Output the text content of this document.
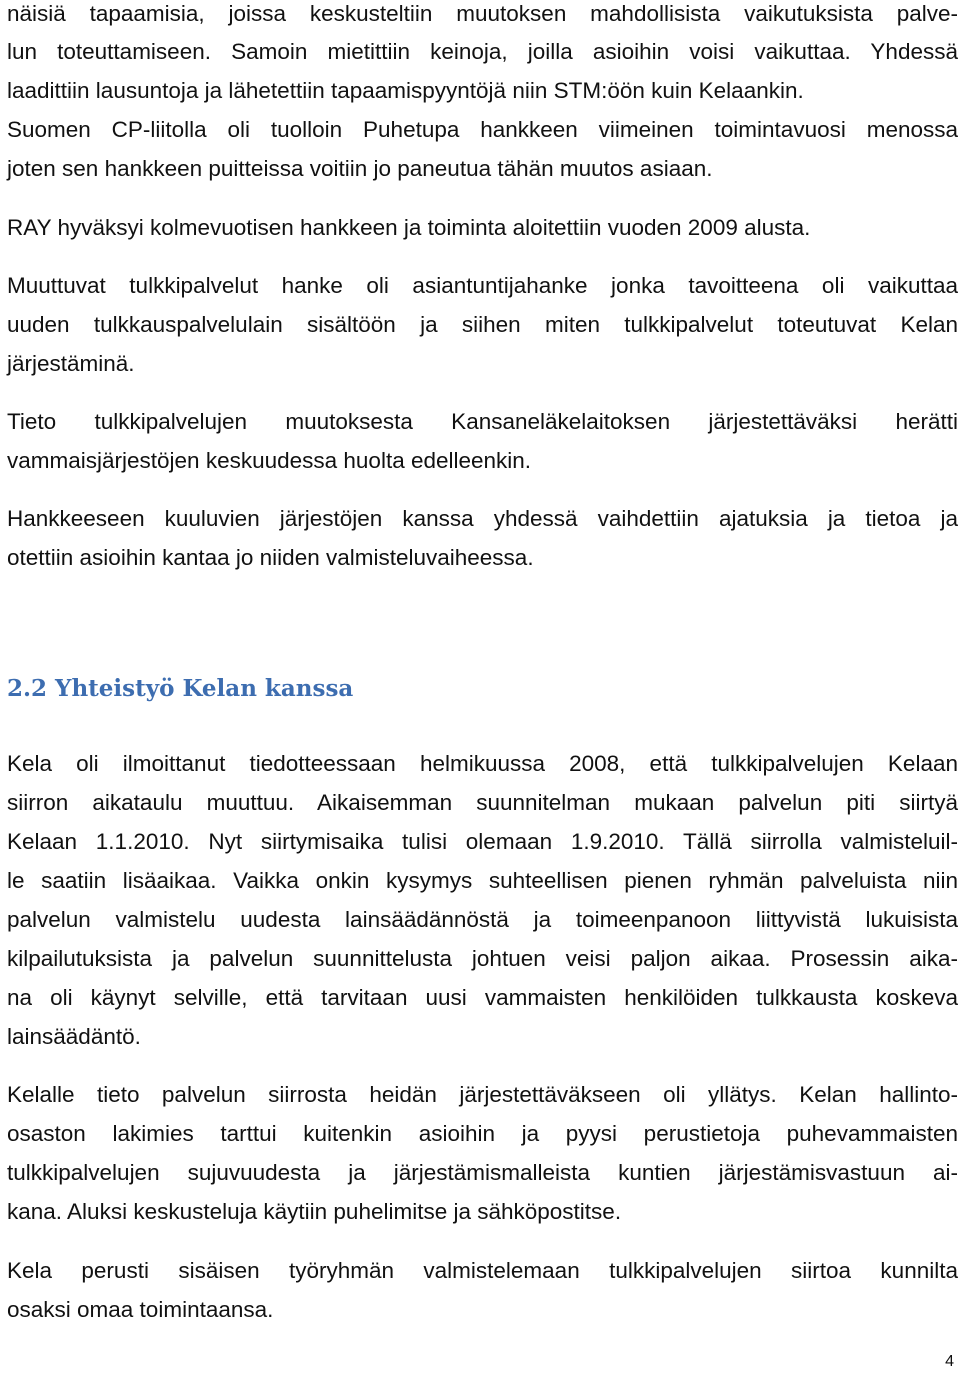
näisiä tapaamisia, joissa keskusteltiin muutoksen mahdollisista vaikutuksista palve-
lun toteuttamiseen. Samoin mietittiin keinoja, joilla asioihin voisi vaikuttaa. Yhdessä
laadittiin lausuntoja ja lähetettiin tapaamispyyntöjä niin STM:öön kuin Kelaankin.
Suomen CP-liitolla oli tuolloin Puhetupa hankkeen viimeinen toimintavuosi menossa
joten sen hankkeen puitteissa voitiin jo paneutua tähän muutos asiaan.
RAY hyväksyi kolmevuotisen hankkeen ja toiminta aloitettiin vuoden 2009 alusta.
Muuttuvat tulkkipalvelut hanke oli asiantuntijahanke jonka tavoitteena oli vaikuttaa
uuden tulkkauspalvelulain sisältöön ja siihen miten tulkkipalvelut toteutuvat Kelan
järjestäminä.
Tieto tulkkipalvelujen muutoksesta Kansaneläkelaitoksen järjestettäväksi herätti
vammaisjärjestöjen keskuudessa huolta edelleenkin.
Hankkeeseen kuuluvien järjestöjen kanssa yhdessä vaihdettiin ajatuksia ja tietoa ja
otettiin asioihin kantaa jo niiden valmisteluvaiheessa.
2.2 Yhteistyö Kelan kanssa
Kela oli ilmoittanut tiedotteessaan helmikuussa 2008, että tulkkipalvelujen Kelaan
siirron aikataulu muuttuu. Aikaisemman suunnitelman mukaan palvelun piti siirtyä
Kelaan 1.1.2010. Nyt siirtymisaika tulisi olemaan 1.9.2010. Tällä siirrolla valmisteluil-
le saatiin lisäaikaa. Vaikka onkin kysymys suhteellisen pienen ryhmän palveluista niin
palvelun valmistelu uudesta lainsäädännöstä ja toimeenpanoon liittyvistä lukuisista
kilpailutuksista ja palvelun suunnittelusta johtuen veisi paljon aikaa. Prosessin aika-
na oli käynyt selville, että tarvitaan uusi vammaisten henkilöiden tulkkausta koskeva
lainsäädäntö.
Kelalle tieto palvelun siirrosta heidän järjestettäväkseen oli yllätys. Kelan hallinto-
osaston lakimies tarttui kuitenkin asioihin ja pyysi perustietoja puhevammaisten
tulkkipalvelujen sujuvuudesta ja järjestämismalleista kuntien järjestämisvastuun ai-
kana. Aluksi keskusteluja käytiin puhelimitse ja sähköpostitse.
Kela perusti sisäisen työryhmän valmistelemaan tulkkipalvelujen siirtoa kunnilta
osaksi omaa toimintaansa.
4
